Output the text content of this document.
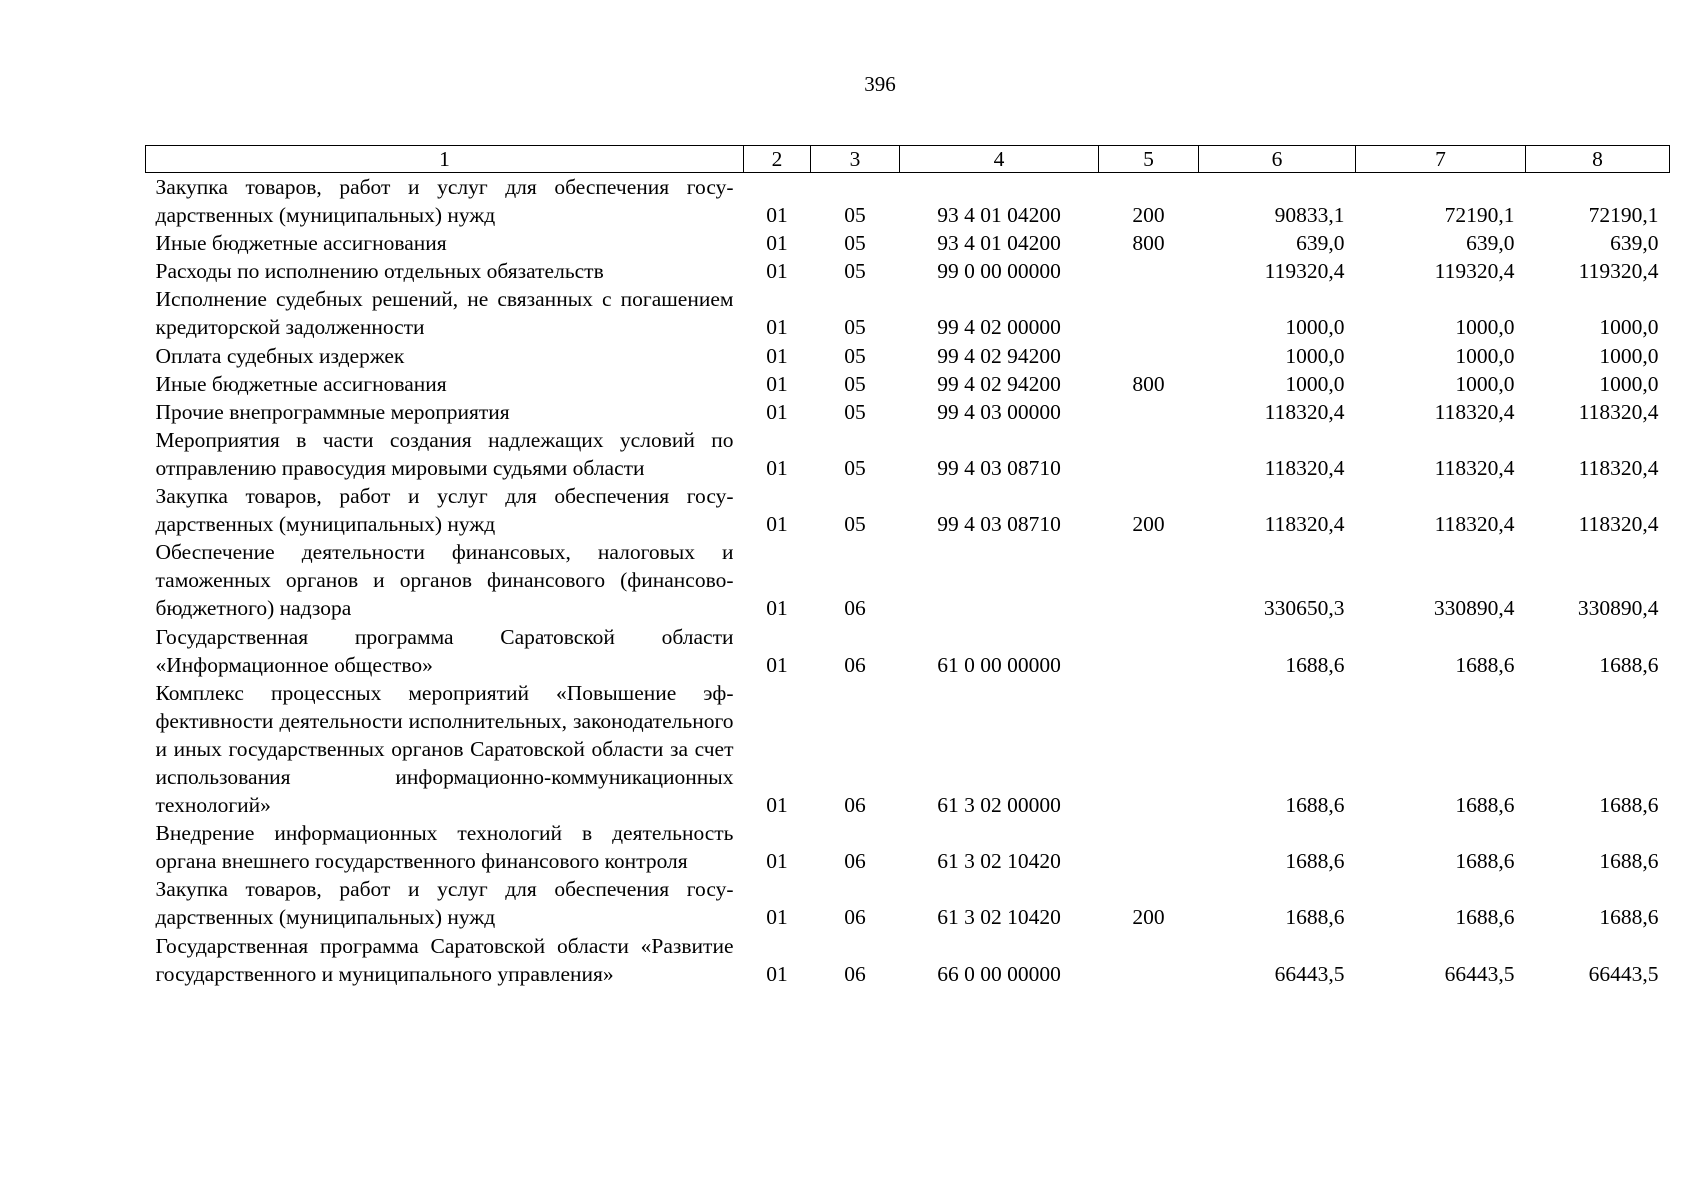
396
1	2	3	4	5	6	7	8
Закупка товаров, работ и услуг для обеспечения государственных (муниципальных) нужд	01	05	93 4 01 04200	200	90833,1	72190,1	72190,1
Иные бюджетные ассигнования	01	05	93 4 01 04200	800	639,0	639,0	639,0
Расходы по исполнению отдельных обязательств	01	05	99 0 00 00000		119320,4	119320,4	119320,4
Исполнение судебных решений, не связанных с погашением кредиторской задолженности	01	05	99 4 02 00000		1000,0	1000,0	1000,0
Оплата судебных издержек	01	05	99 4 02 94200		1000,0	1000,0	1000,0
Иные бюджетные ассигнования	01	05	99 4 02 94200	800	1000,0	1000,0	1000,0
Прочие внепрограммные мероприятия	01	05	99 4 03 00000		118320,4	118320,4	118320,4
Мероприятия в части создания надлежащих условий по отправлению правосудия мировыми судьями области	01	05	99 4 03 08710		118320,4	118320,4	118320,4
Закупка товаров, работ и услуг для обеспечения государственных (муниципальных) нужд	01	05	99 4 03 08710	200	118320,4	118320,4	118320,4
Обеспечение деятельности финансовых, налоговых и таможенных органов и органов финансового (финансово-бюджетного) надзора	01	06			330650,3	330890,4	330890,4
Государственная программа Саратовской области «Информационное общество»	01	06	61 0 00 00000		1688,6	1688,6	1688,6
Комплекс процессных мероприятий «Повышение эффективности деятельности исполнительных, законодательного и иных государственных органов Саратовской области за счет использования информационно-коммуникационных технологий»	01	06	61 3 02 00000		1688,6	1688,6	1688,6
Внедрение информационных технологий в деятельность органа внешнего государственного финансового контроля	01	06	61 3 02 10420		1688,6	1688,6	1688,6
Закупка товаров, работ и услуг для обеспечения государственных (муниципальных) нужд	01	06	61 3 02 10420	200	1688,6	1688,6	1688,6
Государственная программа Саратовской области «Развитие государственного и муниципального управления»	01	06	66 0 00 00000		66443,5	66443,5	66443,5
